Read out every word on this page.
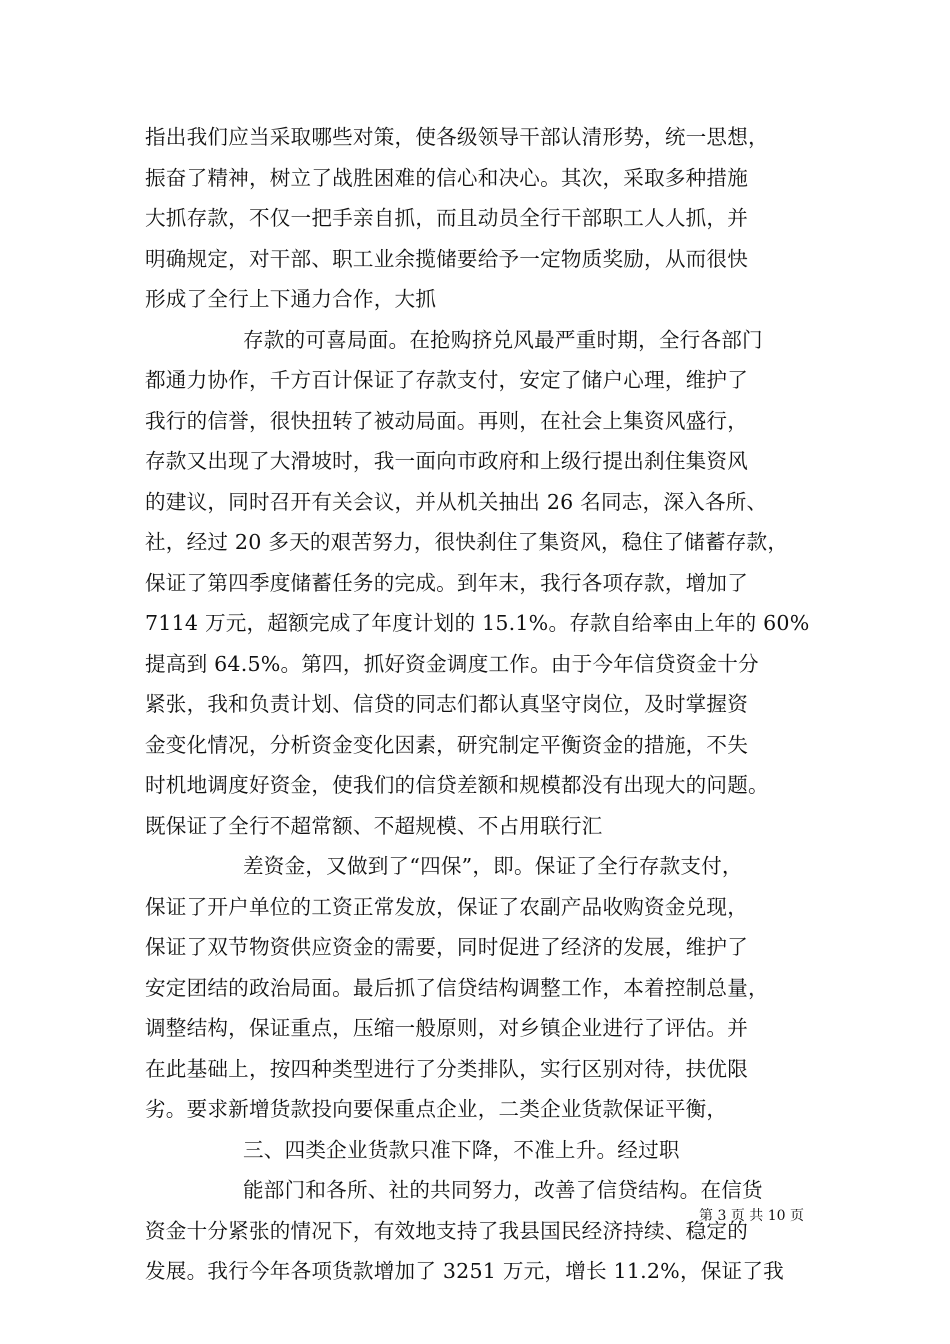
指出我们应当采取哪些对策，使各级领导干部认清形势，统一思想，
振奋了精神，树立了战胜困难的信心和决心。其次，采取多种措施
大抓存款，不仅一把手亲自抓，而且动员全行干部职工人人抓，并
明确规定，对干部、职工业余揽储要给予一定物质奖励，从而很快
形成了全行上下通力合作，大抓
存款的可喜局面。在抢购挤兑风最严重时期，全行各部门
都通力协作，千方百计保证了存款支付，安定了储户心理，维护了
我行的信誉，很快扭转了被动局面。再则，在社会上集资风盛行，
存款又出现了大滑坡时，我一面向市政府和上级行提出刹住集资风
的建议，同时召开有关会议，并从机关抽出 26 名同志，深入各所、
社，经过 20 多天的艰苦努力，很快刹住了集资风，稳住了储蓄存款，
保证了第四季度储蓄任务的完成。到年末，我行各项存款，增加了
7114 万元，超额完成了年度计划的 15.1%。存款自给率由上年的 60%
提高到 64.5%。第四，抓好资金调度工作。由于今年信贷资金十分
紧张，我和负责计划、信贷的同志们都认真坚守岗位，及时掌握资
金变化情况，分析资金变化因素，研究制定平衡资金的措施，不失
时机地调度好资金，使我们的信贷差额和规模都没有出现大的问题。
既保证了全行不超常额、不超规模、不占用联行汇
差资金，又做到了“四保”，即。保证了全行存款支付，
保证了开户单位的工资正常发放，保证了农副产品收购资金兑现，
保证了双节物资供应资金的需要，同时促进了经济的发展，维护了
安定团结的政治局面。最后抓了信贷结构调整工作，本着控制总量，
调整结构，保证重点，压缩一般原则，对乡镇企业进行了评估。并
在此基础上，按四种类型进行了分类排队，实行区别对待，扶优限
劣。要求新增货款投向要保重点企业，二类企业货款保证平衡，
三、四类企业货款只准下降，不准上升。经过职
能部门和各所、社的共同努力，改善了信贷结构。在信货
资金十分紧张的情况下，有效地支持了我县国民经济持续、稳定的
发展。我行今年各项货款增加了 3251 万元，增长 11.2%，保证了我
第 3 页 共 10 页
